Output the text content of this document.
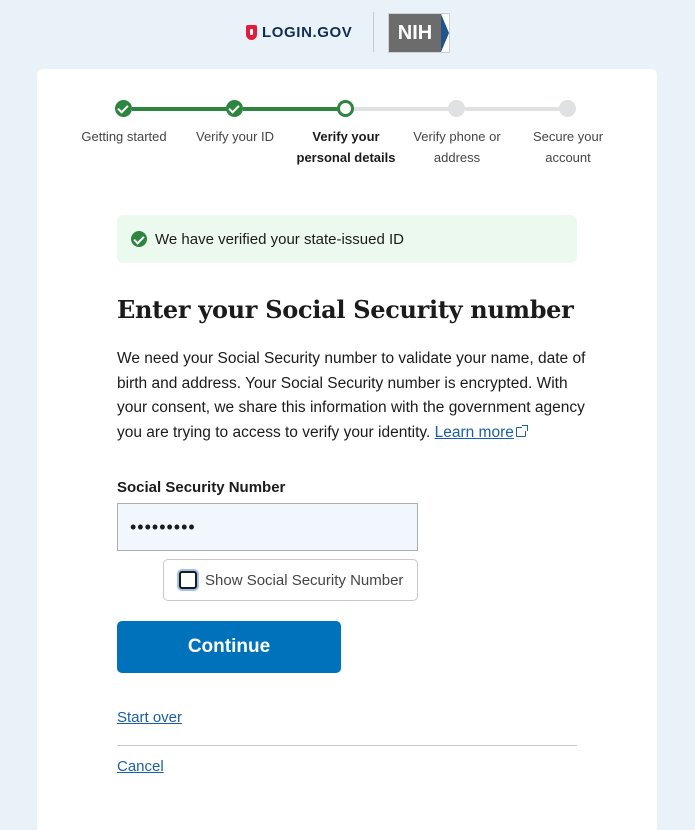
LOGIN.GOV	NIH
Getting started	Verify your ID	Verify your personal details
Verify phone or address
Secure your account
We have verified your state-issued ID
Enter your Social Security number

We need your Social Security number to validate your name, date of birth and address. Your Social Security number is encrypted. With your consent, we share this information with the government agency you are trying to access to verify your identity. Learn more

Social Security Number
•••••••••
Show Social Security Number
Continue
Start over
Cancel
